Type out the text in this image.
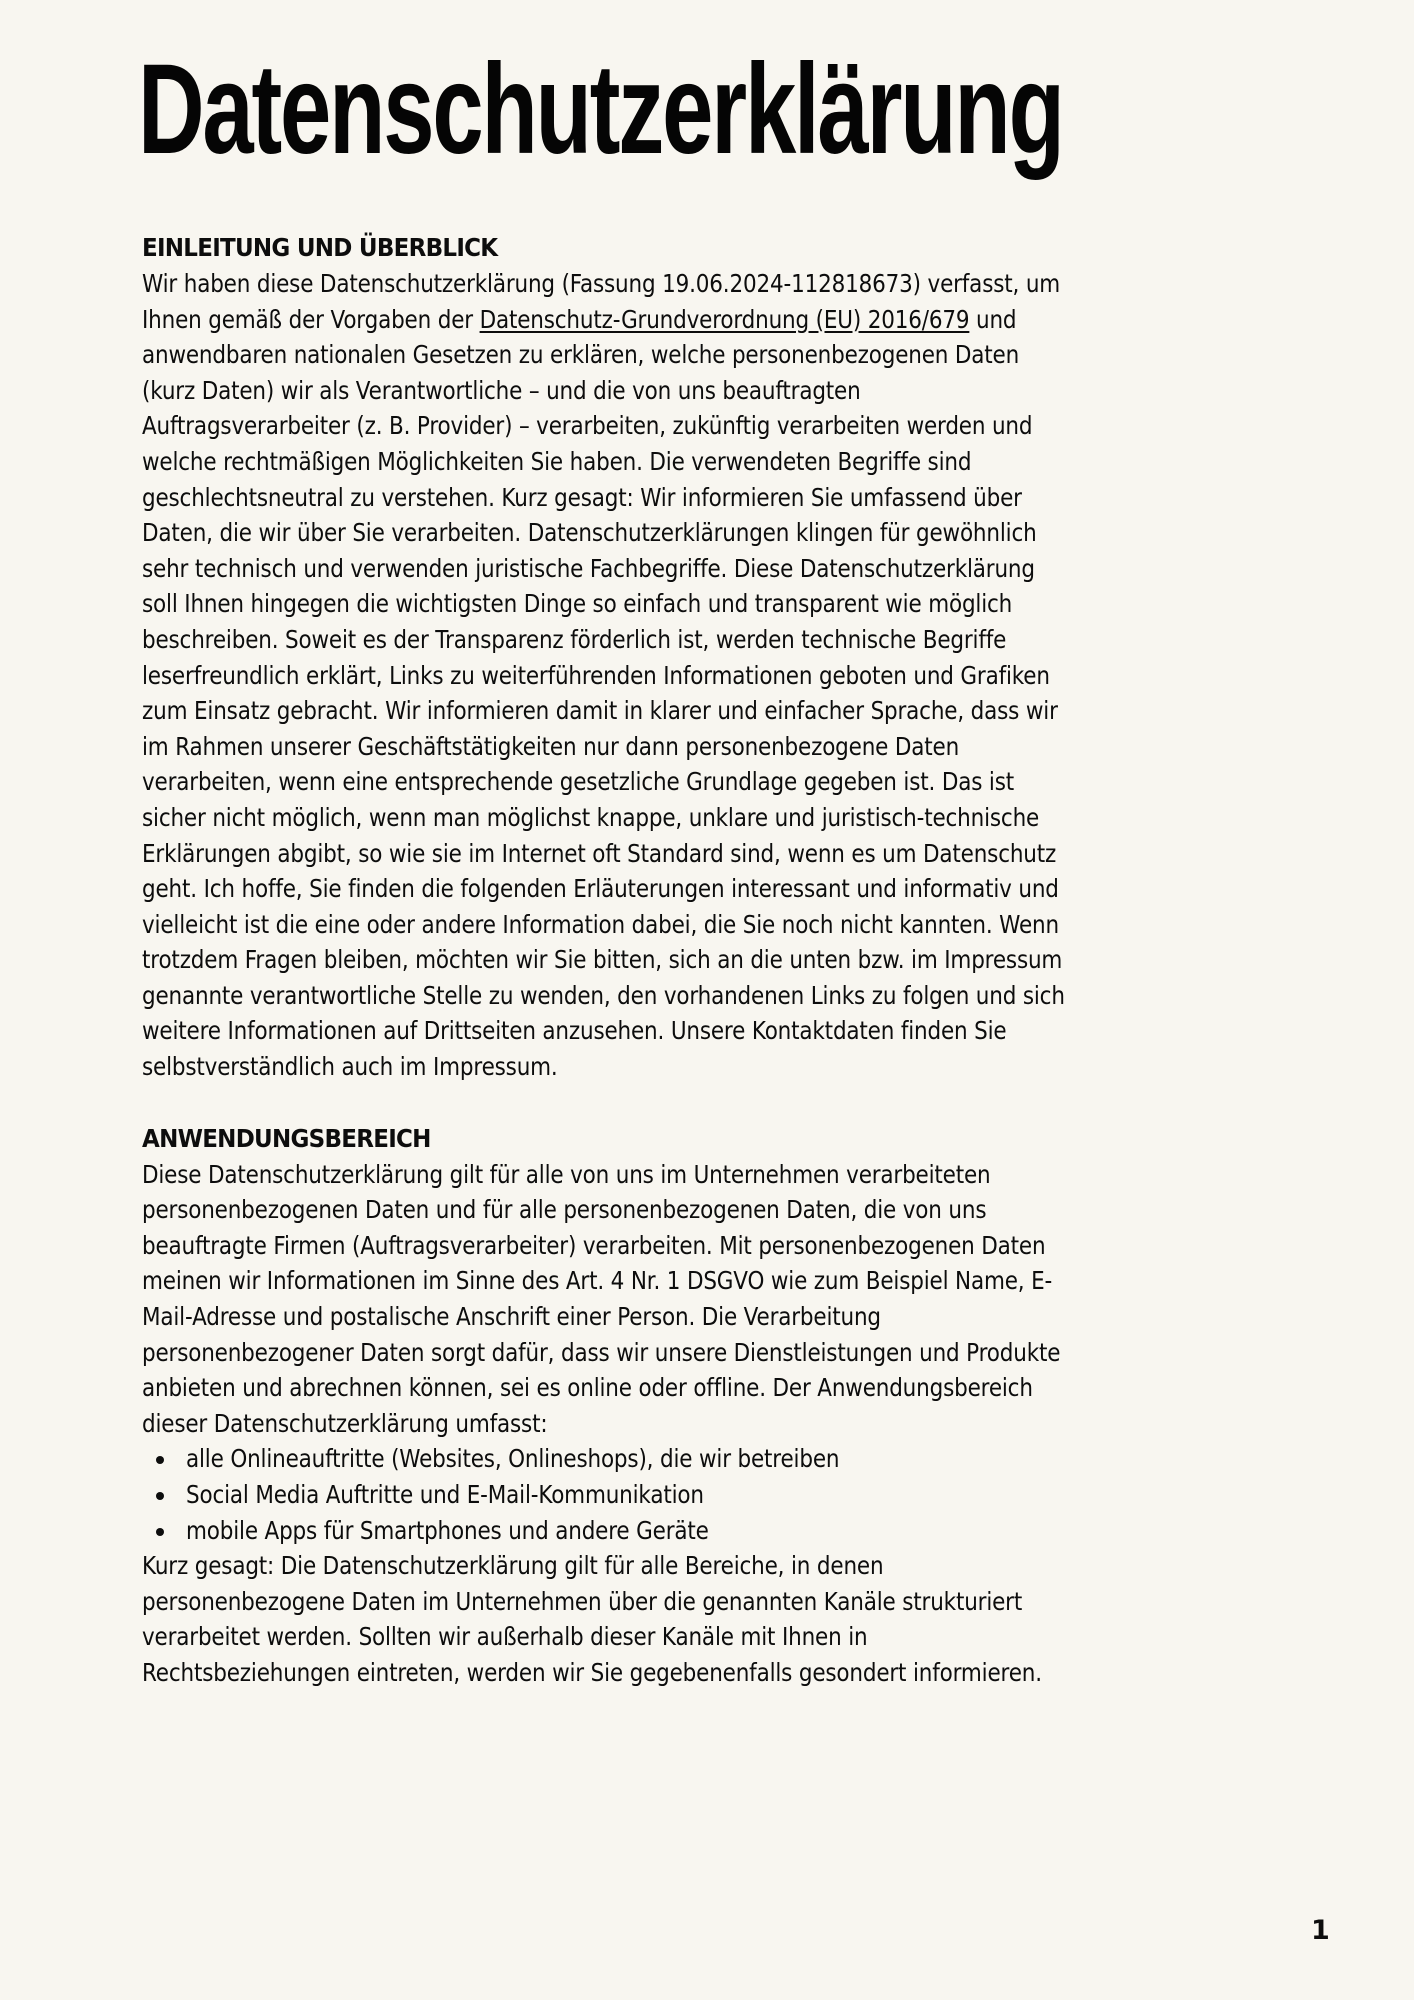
Datenschutzerklärung
EINLEITUNG UND ÜBERBLICK
Wir haben diese Datenschutzerklärung (Fassung 19.06.2024-112818673) verfasst, um
Ihnen gemäß der Vorgaben der Datenschutz-Grundverordnung (EU) 2016/679 und
anwendbaren nationalen Gesetzen zu erklären, welche personenbezogenen Daten
(kurz Daten) wir als Verantwortliche – und die von uns beauftragten
Auftragsverarbeiter (z. B. Provider) – verarbeiten, zukünftig verarbeiten werden und
welche rechtmäßigen Möglichkeiten Sie haben. Die verwendeten Begriffe sind
geschlechtsneutral zu verstehen. Kurz gesagt: Wir informieren Sie umfassend über
Daten, die wir über Sie verarbeiten. Datenschutzerklärungen klingen für gewöhnlich
sehr technisch und verwenden juristische Fachbegriffe. Diese Datenschutzerklärung
soll Ihnen hingegen die wichtigsten Dinge so einfach und transparent wie möglich
beschreiben. Soweit es der Transparenz förderlich ist, werden technische Begriffe
leserfreundlich erklärt, Links zu weiterführenden Informationen geboten und Grafiken
zum Einsatz gebracht. Wir informieren damit in klarer und einfacher Sprache, dass wir
im Rahmen unserer Geschäftstätigkeiten nur dann personenbezogene Daten
verarbeiten, wenn eine entsprechende gesetzliche Grundlage gegeben ist. Das ist
sicher nicht möglich, wenn man möglichst knappe, unklare und juristisch-technische
Erklärungen abgibt, so wie sie im Internet oft Standard sind, wenn es um Datenschutz
geht. Ich hoffe, Sie finden die folgenden Erläuterungen interessant und informativ und
vielleicht ist die eine oder andere Information dabei, die Sie noch nicht kannten. Wenn
trotzdem Fragen bleiben, möchten wir Sie bitten, sich an die unten bzw. im Impressum
genannte verantwortliche Stelle zu wenden, den vorhandenen Links zu folgen und sich
weitere Informationen auf Drittseiten anzusehen. Unsere Kontaktdaten finden Sie
selbstverständlich auch im Impressum.
ANWENDUNGSBEREICH
Diese Datenschutzerklärung gilt für alle von uns im Unternehmen verarbeiteten
personenbezogenen Daten und für alle personenbezogenen Daten, die von uns
beauftragte Firmen (Auftragsverarbeiter) verarbeiten. Mit personenbezogenen Daten
meinen wir Informationen im Sinne des Art. 4 Nr. 1 DSGVO wie zum Beispiel Name, E-
Mail-Adresse und postalische Anschrift einer Person. Die Verarbeitung
personenbezogener Daten sorgt dafür, dass wir unsere Dienstleistungen und Produkte
anbieten und abrechnen können, sei es online oder offline. Der Anwendungsbereich
dieser Datenschutzerklärung umfasst:
alle Onlineauftritte (Websites, Onlineshops), die wir betreiben
Social Media Auftritte und E-Mail-Kommunikation
mobile Apps für Smartphones und andere Geräte
Kurz gesagt: Die Datenschutzerklärung gilt für alle Bereiche, in denen
personenbezogene Daten im Unternehmen über die genannten Kanäle strukturiert
verarbeitet werden. Sollten wir außerhalb dieser Kanäle mit Ihnen in
Rechtsbeziehungen eintreten, werden wir Sie gegebenenfalls gesondert informieren.
1
